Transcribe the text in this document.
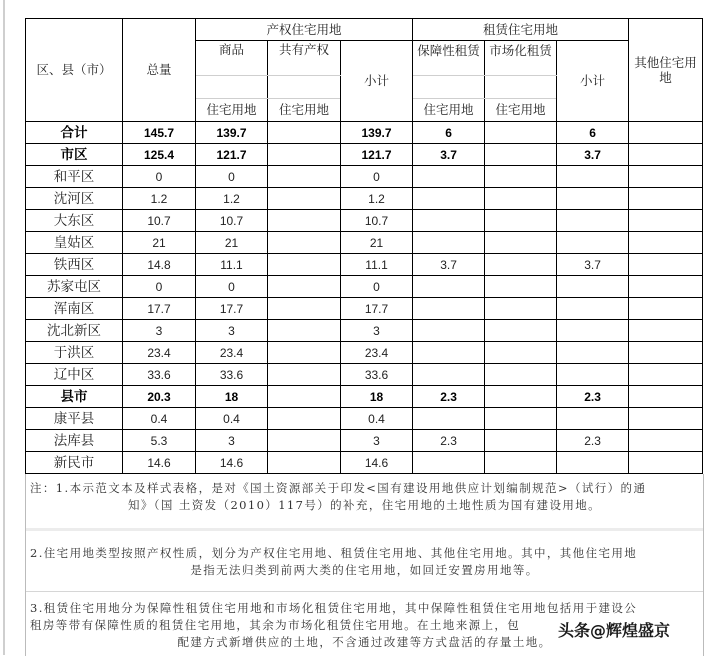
区、县（市）	总量	产权住宅用地			租赁住宅用地			其他住宅用地
		商品	共有产权	小计	保障性租赁	市场化租赁	小计	

		住宅用地	住宅用地		住宅用地	住宅用地		
合计	145.7	139.7		139.7	6		6	
市区	125.4	121.7		121.7	3.7		3.7	
和平区	0	0		0				
沈河区	1.2	1.2		1.2				
大东区	10.7	10.7		10.7				
皇姑区	21	21		21				
铁西区	14.8	11.1		11.1	3.7		3.7	
苏家屯区	0	0		0				
浑南区	17.7	17.7		17.7				
沈北新区	3	3		3				
于洪区	23.4	23.4		23.4				
辽中区	33.6	33.6		33.6				
县市	20.3	18		18	2.3		2.3	
康平县	0.4	0.4		0.4				
法库县	5.3	3		3	2.3		2.3	
新民市	14.6	14.6		14.6				
注：1.本示范文本及样式表格，是对《国土资源部关于印发<国有建设用地供应计划编制规范>（试行）的通
知》（国 土资发（2010）117号）的补充，住宅用地的土地性质为国有建设用地。
2.住宅用地类型按照产权性质，划分为产权住宅用地、租赁住宅用地、其他住宅用地。其中，其他住宅用地
是指无法归类到前两大类的住宅用地，如回迁安置房用地等。
3.租赁住宅用地分为保障性租赁住宅用地和市场化租赁住宅用地，其中保障性租赁住宅用地包括用于建设公
租房等带有保障性质的租赁住宅用地，其余为市场化租赁住宅用地。在土地来源上，包
配建方式新增供应的土地，不含通过改建等方式盘活的存量土地。
头条@辉煌盛京
